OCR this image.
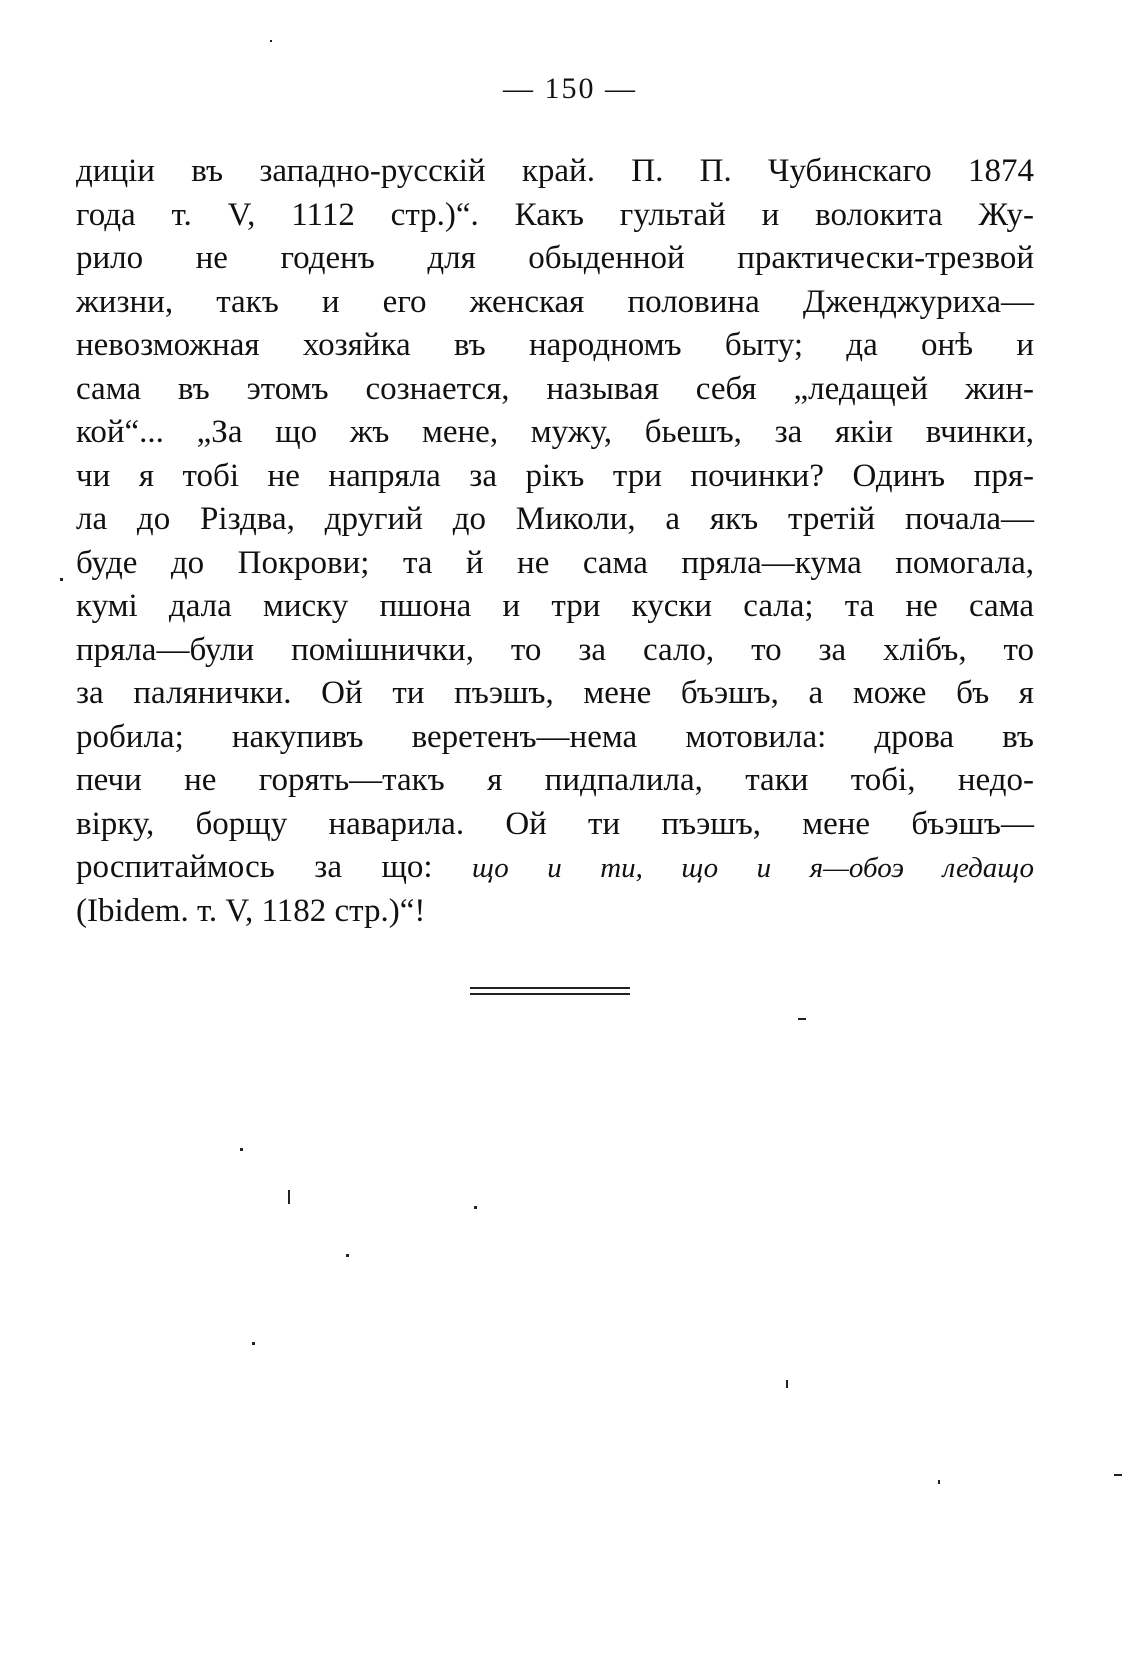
— 150 —
диціи въ западно-русскій край. П. П. Чубинскаго 1874
года т. V, 1112 стр.)“. Какъ гультай и волокита Жу-
рило не годенъ для обыденной практически-трезвой
жизни, такъ и его женская половина Дженджуриха—
невозможная хозяйка въ народномъ быту; да онѣ и
сама въ этомъ сознается, называя себя „ледащей жин-
кой“... „За що жъ мене, мужу, бьешъ, за якіи вчинки,
чи я тобі не напряла за рікъ три починки? Одинъ пря-
ла до Різдва, другий до Миколи, а якъ третій почала—
буде до Покрови; та й не сама пряла—кума помогала,
кумі дала миску пшона и три куски сала; та не сама
пряла—були помішнички, то за сало, то за хлібъ, то
за палянички. Ой ти пъэшъ, мене бъэшъ, а може бъ я
робила; накупивъ веретенъ—нема мотовила: дрова въ
печи не горять—такъ я пидпалила, таки тобі, недо-
вірку, борщу наварила. Ой ти пъэшъ, мене бъэшъ—
роспитаймось за що: що и ти, що и я—обоэ ледащо
(Ibidem. т. V, 1182 стр.)“!
